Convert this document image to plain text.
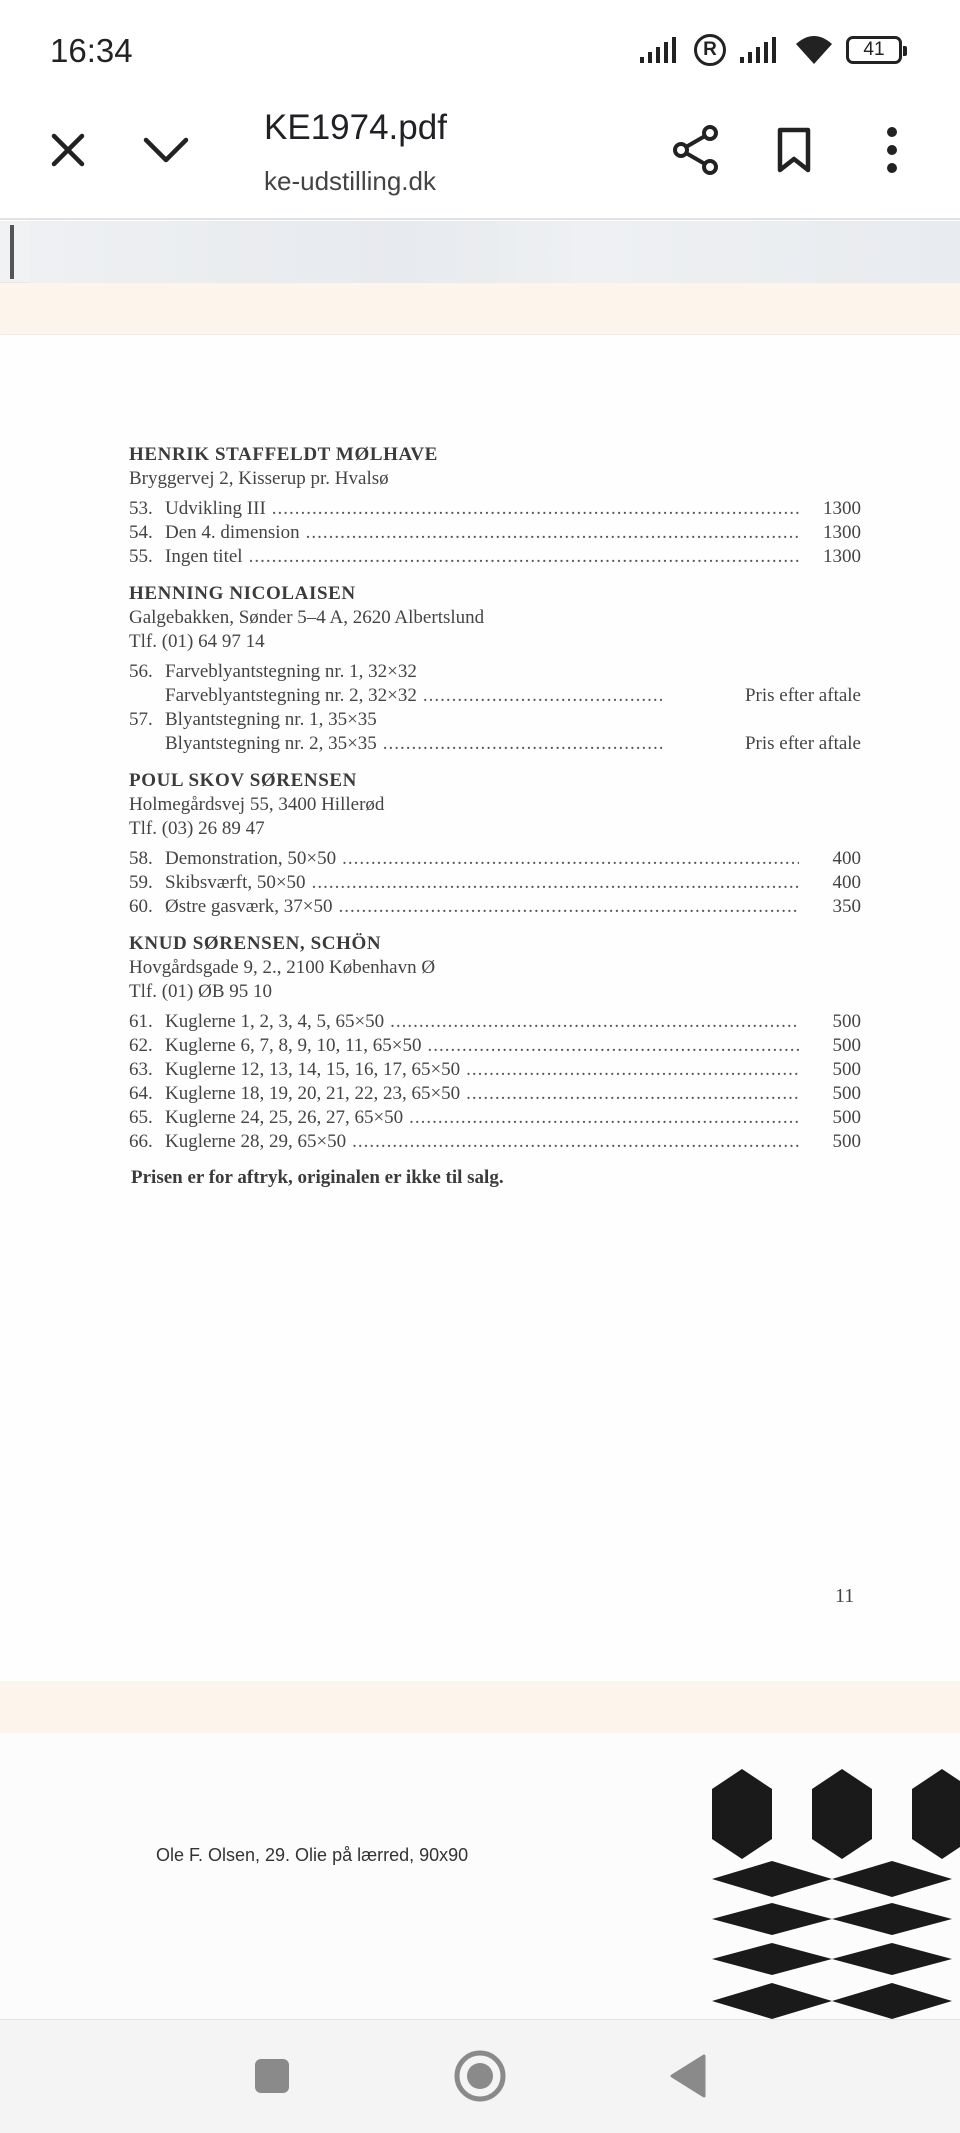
16:34	R	41
KE1974.pdf
ke-udstilling.dk
HENRIK STAFFELDT MØLHAVE
Bryggervej 2, Kisserup pr. Hvalsø
53. Udvikling III .....	1300
54. Den 4. dimension .....	1300
55. Ingen titel .....	1300
HENNING NICOLAISEN
Galgebakken, Sønder 5–4 A, 2620 Albertslund
Tlf. (01) 64 97 14
56. Farveblyantstegning nr. 1, 32×32
Farveblyantstegning nr. 2, 32×32 .....	Pris efter aftale
57. Blyantstegning nr. 1, 35×35
Blyantstegning nr. 2, 35×35 .....	Pris efter aftale
POUL SKOV SØRENSEN
Holmegårdsvej 55, 3400 Hillerød
Tlf. (03) 26 89 47
58. Demonstration, 50×50 .....	400
59. Skibsværft, 50×50 .....	400
60. Østre gasværk, 37×50 .....	350
KNUD SØRENSEN, SCHÖN
Hovgårdsgade 9, 2., 2100 København Ø
Tlf. (01) ØB 95 10
61. Kuglerne 1, 2, 3, 4, 5, 65×50 .....	500
62. Kuglerne 6, 7, 8, 9, 10, 11, 65×50 .....	500
63. Kuglerne 12, 13, 14, 15, 16, 17, 65×50 .....	500
64. Kuglerne 18, 19, 20, 21, 22, 23, 65×50 .....	500
65. Kuglerne 24, 25, 26, 27, 65×50 .....	500
66. Kuglerne 28, 29, 65×50 .....	500
Prisen er for aftryk, originalen er ikke til salg.
11
Ole F. Olsen, 29. Olie på lærred, 90x90
